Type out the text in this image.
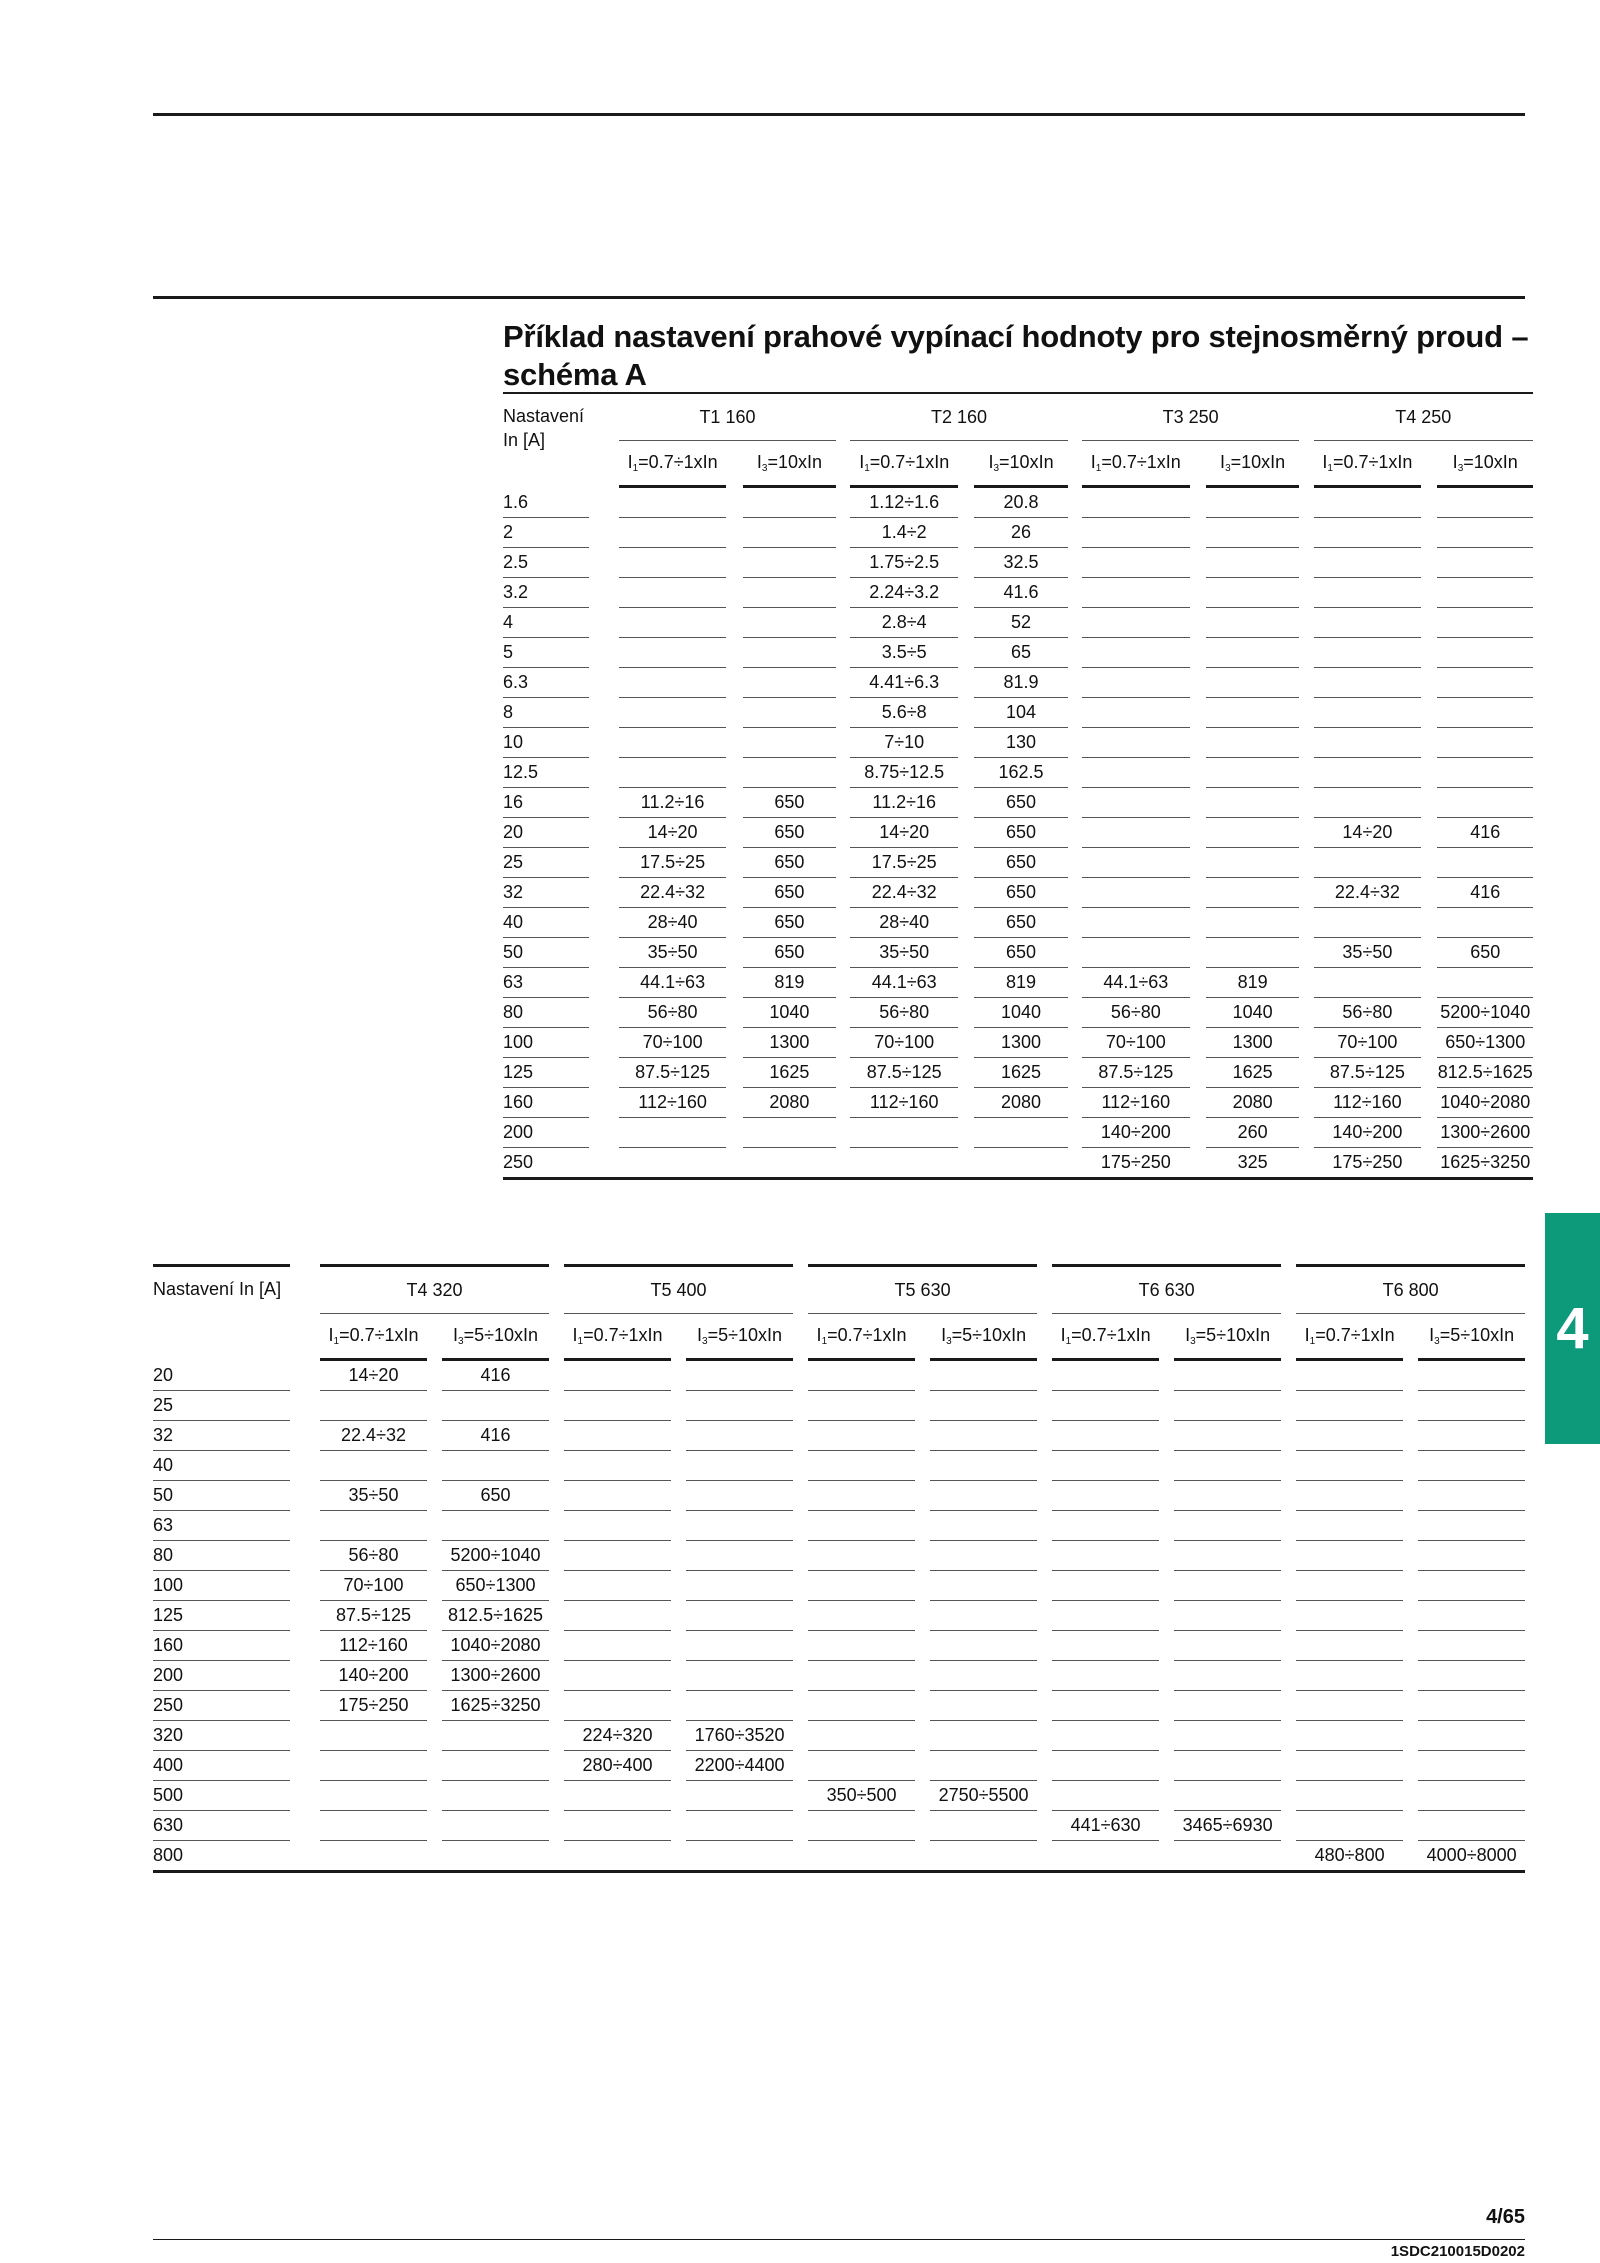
Příklad nastavení prahové vypínací hodnoty pro stejnosměrný proud – schéma A
Nastavení In [A]		T1 160				T2 160				T3 250				T4 250		
		$I_1=0.7\div 1xIn$		$I_3=10xIn$		$I_1=0.7\div 1xIn$		$I_3=10xIn$		$I_1=0.7\div 1xIn$		$I_3=10xIn$		$I_1=0.7\div 1xIn$		$I_3=10xIn$
1.6						1.12÷1.6		20.8								
2						1.4÷2		26								
2.5						1.75÷2.5		32.5								
3.2						2.24÷3.2		41.6								
4						2.8÷4		52								
5						3.5÷5		65								
6.3						4.41÷6.3		81.9								
8						5.6÷8		104								
10						7÷10		130								
12.5						8.75÷12.5		162.5								
16		11.2÷16		650		11.2÷16		650								
20		14÷20		650		14÷20		650						14÷20		416
25		17.5÷25		650		17.5÷25		650								
32		22.4÷32		650		22.4÷32		650						22.4÷32		416
40		28÷40		650		28÷40		650								
50		35÷50		650		35÷50		650						35÷50		650
63		44.1÷63		819		44.1÷63		819		44.1÷63		819				
80		56÷80		1040		56÷80		1040		56÷80		1040		56÷80		5200÷1040
100		70÷100		1300		70÷100		1300		70÷100		1300		70÷100		650÷1300
125		87.5÷125		1625		87.5÷125		1625		87.5÷125		1625		87.5÷125		812.5÷1625
160		112÷160		2080		112÷160		2080		112÷160		2080		112÷160		1040÷2080
200										140÷200		260		140÷200		1300÷2600
250										175÷250		325		175÷250		1625÷3250
Nastavení In [A]		T4 320				T5 400				T5 630				T6 630				T6 800		
		$I_1=0.7\div 1xIn$		$I_3=5\div 10xIn$		$I_1=0.7\div 1xIn$		$I_3=5\div 10xIn$		$I_1=0.7\div 1xIn$		$I_3=5\div 10xIn$		$I_1=0.7\div 1xIn$		$I_3=5\div 10xIn$		$I_1=0.7\div 1xIn$		$I_3=5\div 10xIn$
20		14÷20		416																
25																				
32		22.4÷32		416																
40																				
50		35÷50		650																
63																				
80		56÷80		5200÷1040																
100		70÷100		650÷1300																
125		87.5÷125		812.5÷1625																
160		112÷160		1040÷2080																
200		140÷200		1300÷2600																
250		175÷250		1625÷3250																
320						224÷320		1760÷3520												
400						280÷400		2200÷4400												
500										350÷500		2750÷5500								
630														441÷630		3465÷6930				
800																		480÷800		4000÷8000
4
4/65
1SDC210015D0202
